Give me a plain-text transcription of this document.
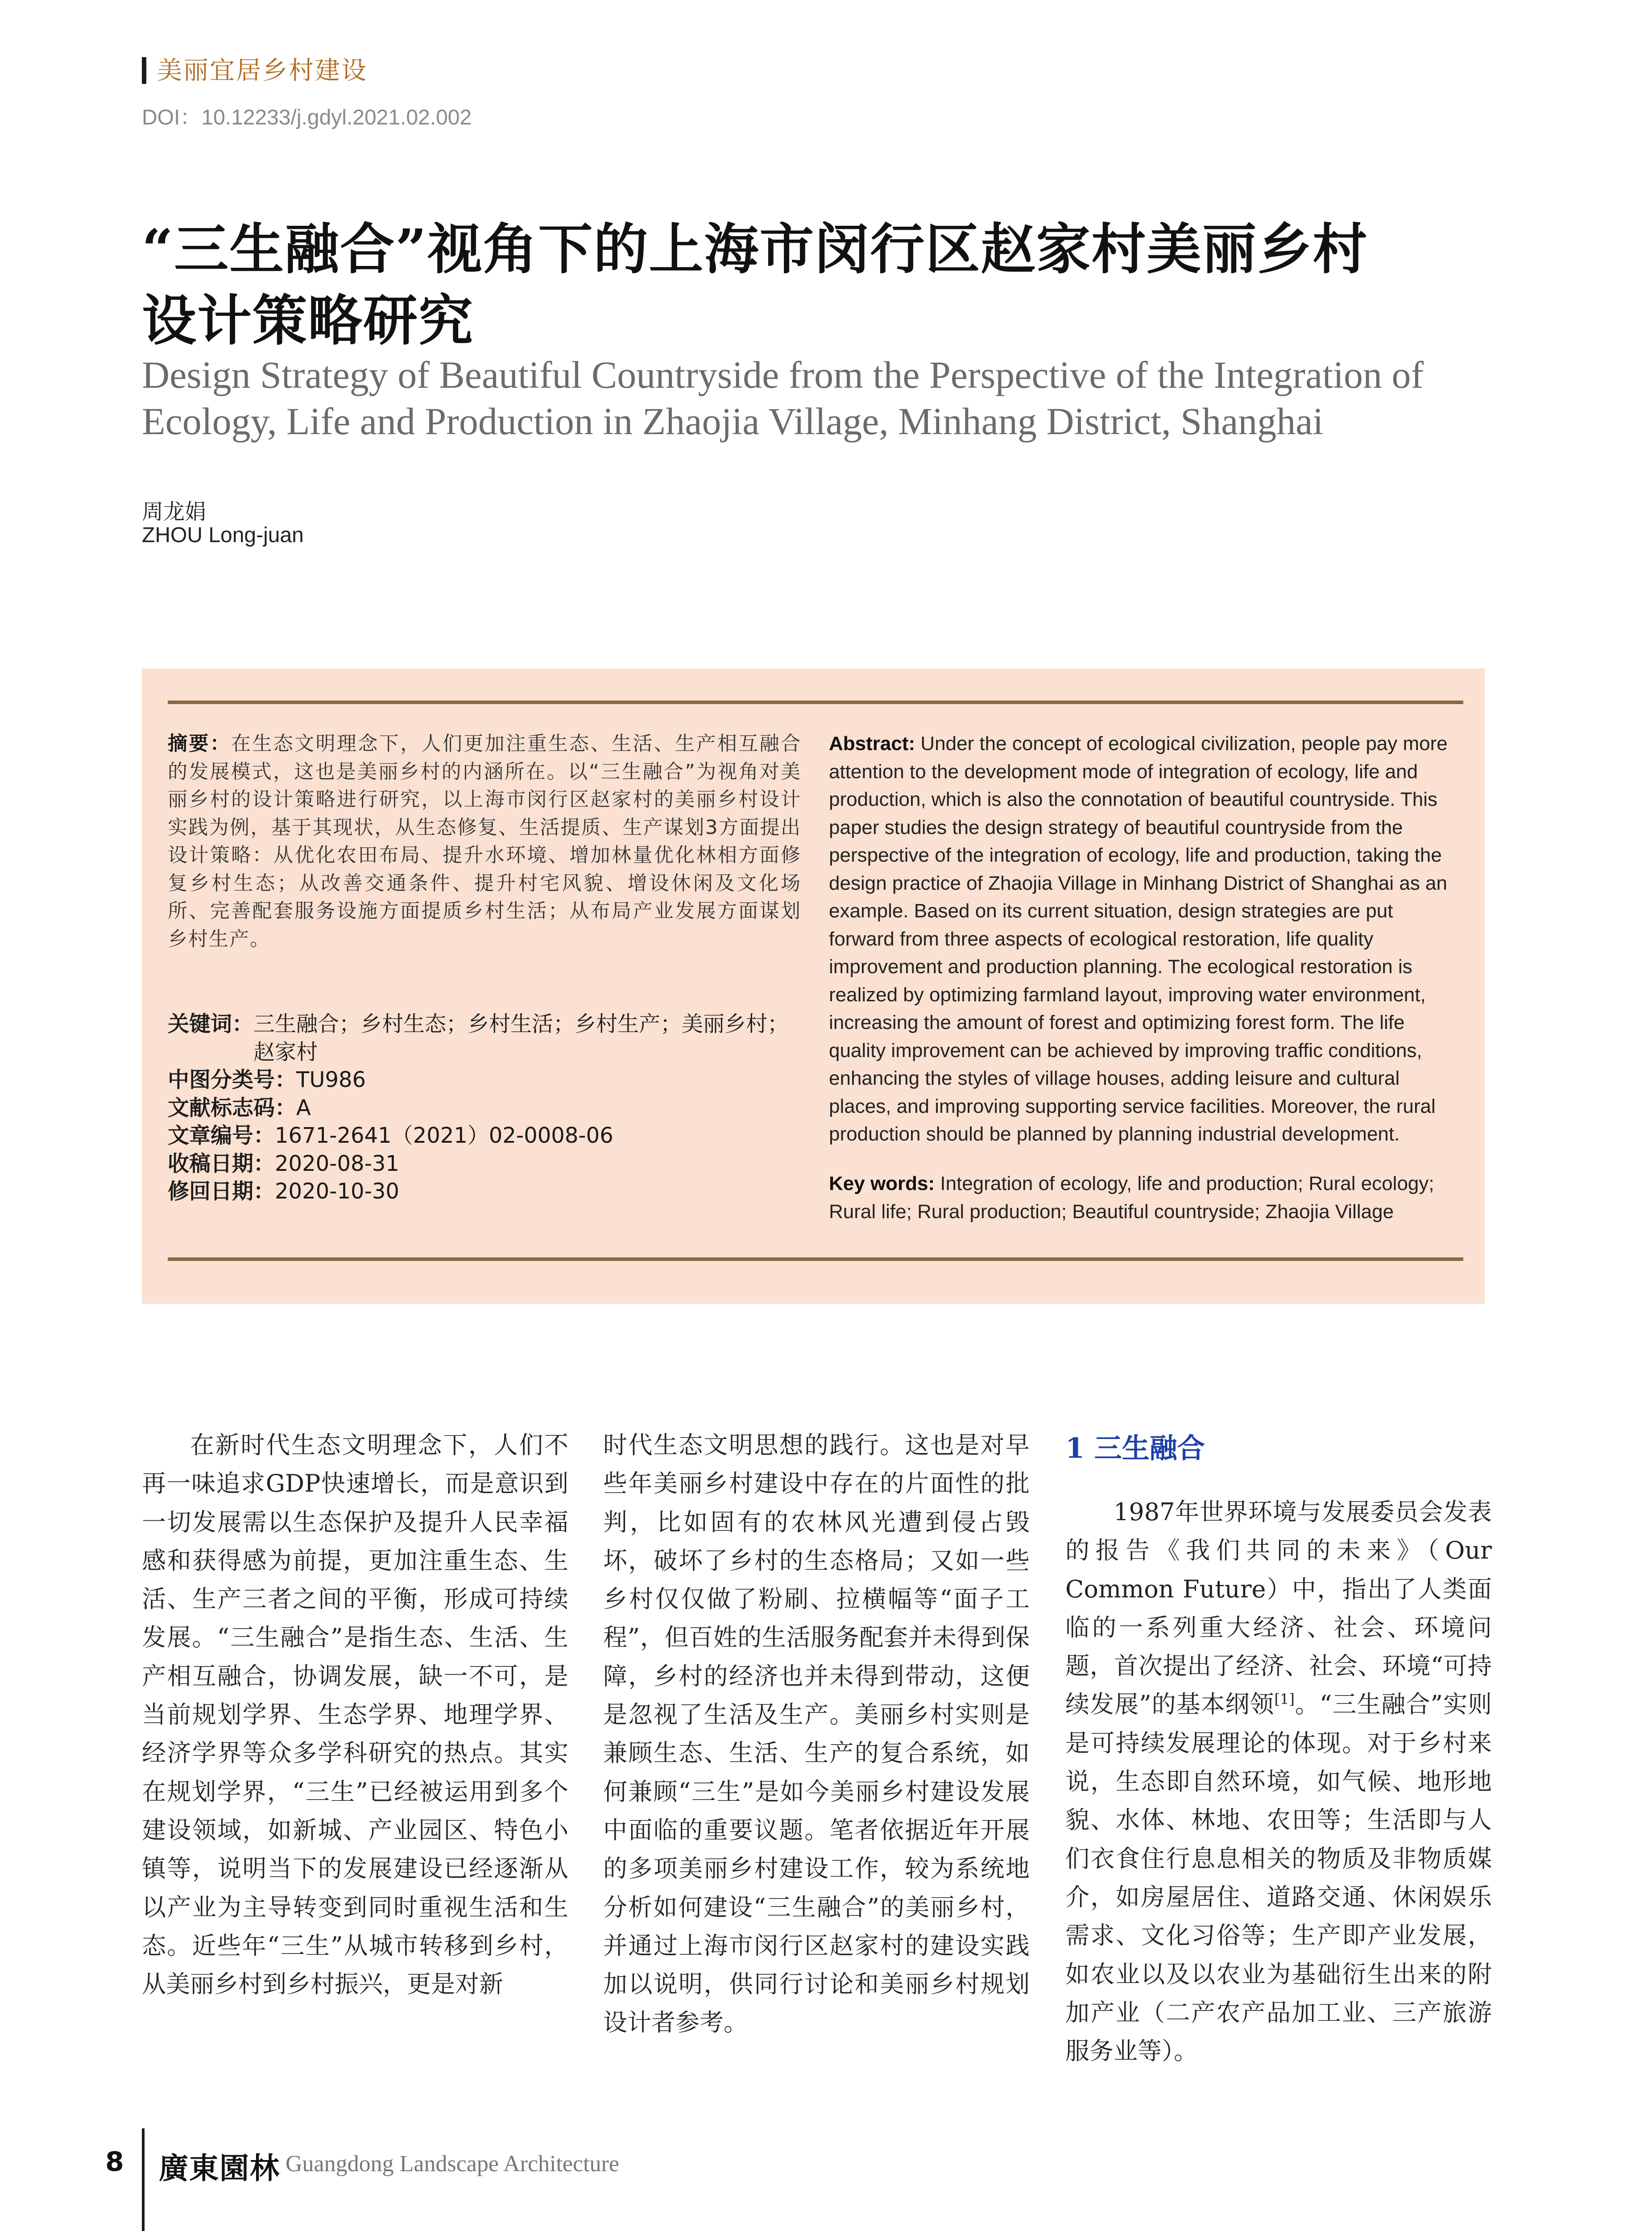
美丽宜居乡村建设
DOI：10.12233/j.gdyl.2021.02.002
“三生融合”视角下的上海市闵行区赵家村美丽乡村
设计策略研究
Design Strategy of Beautiful Countryside from the Perspective of the Integration of
Ecology, Life and Production in Zhaojia Village, Minhang District, Shanghai
周龙娟
ZHOU Long-juan
摘要：在生态文明理念下，人们更加注重生态、生活、生产相互融合的发展模式，这也是美丽乡村的内涵所在。以“三生融合”为视角对美丽乡村的设计策略进行研究，以上海市闵行区赵家村的美丽乡村设计实践为例，基于其现状，从生态修复、生活提质、生产谋划3方面提出设计策略：从优化农田布局、提升水环境、增加林量优化林相方面修复乡村生态；从改善交通条件、提升村宅风貌、增设休闲及文化场所、完善配套服务设施方面提质乡村生活；从布局产业发展方面谋划乡村生产。
关键词： 三生融合；乡村生态；乡村生活；乡村生产；美丽乡村；赵家村
中图分类号： TU986
文献标志码： A
文章编号： 1671-2641（2021）02-0008-06
收稿日期： 2020-08-31
修回日期： 2020-10-30
Abstract: Under the concept of ecological civilization, people pay more attention to the development mode of integration of ecology, life and production, which is also the connotation of beautiful countryside. This paper studies the design strategy of beautiful countryside from the perspective of the integration of ecology, life and production, taking the design practice of Zhaojia Village in Minhang District of Shanghai as an example. Based on its current situation, design strategies are put forward from three aspects of ecological restoration, life quality improvement and production planning. The ecological restoration is realized by optimizing farmland layout, improving water environment, increasing the amount of forest and optimizing forest form. The life quality improvement can be achieved by improving traffic conditions, enhancing the styles of village houses, adding leisure and cultural places, and improving supporting service facilities. Moreover, the rural production should be planned by planning industrial development.
Key words: Integration of ecology, life and production; Rural ecology; Rural life; Rural production; Beautiful countryside; Zhaojia Village

在新时代生态文明理念下，人们不再一味追求GDP快速增长，而是意识到一切发展需以生态保护及提升人民幸福感和获得感为前提，更加注重生态、生活、生产三者之间的平衡，形成可持续发展。“三生融合”是指生态、生活、生产相互融合，协调发展，缺一不可，是当前规划学界、生态学界、地理学界、经济学界等众多学科研究的热点。其实在规划学界，“三生”已经被运用到多个建设领域，如新城、产业园区、特色小镇等，说明当下的发展建设已经逐渐从以产业为主导转变到同时重视生活和生态。近些年“三生”从城市转移到乡村，从美丽乡村到乡村振兴，更是对新

时代生态文明思想的践行。这也是对早些年美丽乡村建设中存在的片面性的批判，比如固有的农林风光遭到侵占毁坏，破坏了乡村的生态格局；又如一些乡村仅仅做了粉刷、拉横幅等“面子工程”，但百姓的生活服务配套并未得到保障，乡村的经济也并未得到带动，这便是忽视了生活及生产。美丽乡村实则是兼顾生态、生活、生产的复合系统，如何兼顾“三生”是如今美丽乡村建设发展中面临的重要议题。笔者依据近年开展的多项美丽乡村建设工作，较为系统地分析如何建设“三生融合”的美丽乡村，并通过上海市闵行区赵家村的建设实践加以说明，供同行讨论和美丽乡村规划设计者参考。

1 三生融合

1987年世界环境与发展委员会发表的报告《我们共同的未来》（Our Common Future）中，指出了人类面临的一系列重大经济、社会、环境问题，首次提出了经济、社会、环境“可持续发展”的基本纲领[1]。“三生融合”实则是可持续发展理论的体现。对于乡村来说，生态即自然环境，如气候、地形地貌、水体、林地、农田等；生活即与人们衣食住行息息相关的物质及非物质媒介，如房屋居住、道路交通、休闲娱乐需求、文化习俗等；生产即产业发展，如农业以及以农业为基础衍生出来的附加产业（二产农产品加工业、三产旅游服务业等）。

8 廣東園林 Guangdong Landscape Architecture
